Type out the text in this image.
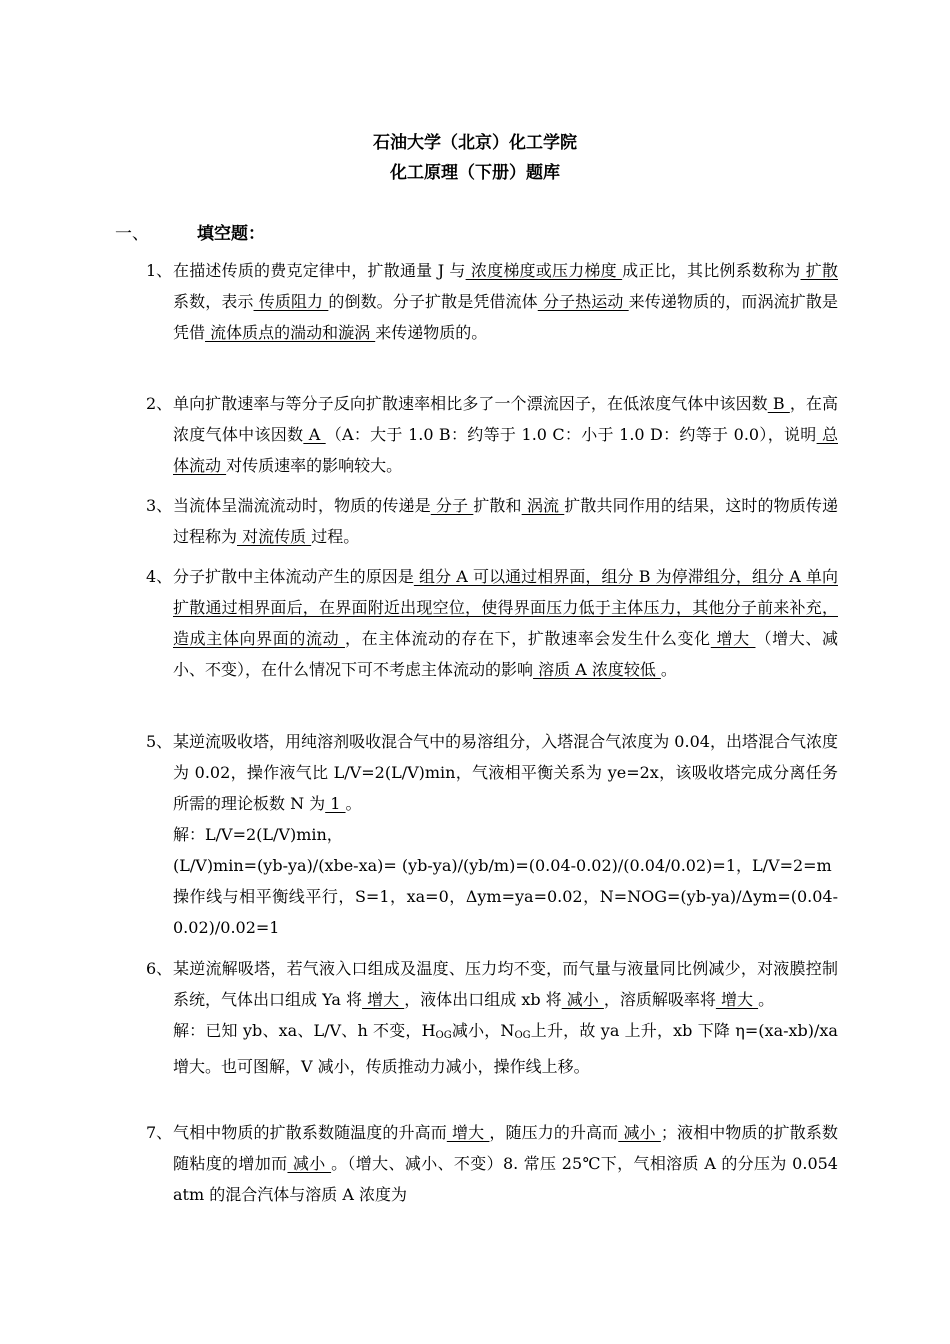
石油大学（北京）化工学院
化工原理（下册）题库
一、	填空题：
1、 在描述传质的费克定律中，扩散通量 J 与 浓度梯度或压力梯度 成正比，其比例系数称为 扩散 系数，表示 传质阻力 的倒数。分子扩散是凭借流体 分子热运动 来传递物质的，而涡流扩散是凭借 流体质点的湍动和漩涡 来传递物质的。
2、 单向扩散速率与等分子反向扩散速率相比多了一个漂流因子，在低浓度气体中该因数 B ，在高浓度气体中该因数 A （A：大于 1.0 B：约等于 1.0 C：小于 1.0 D：约等于 0.0），说明 总体流动 对传质速率的影响较大。
3、 当流体呈湍流流动时，物质的传递是 分子 扩散和 涡流 扩散共同作用的结果，这时的物质传递过程称为 对流传质 过程。
4、 分子扩散中主体流动产生的原因是 组分 A 可以通过相界面，组分 B 为停滞组分，组分 A 单向扩散通过相界面后，在界面附近出现空位，使得界面压力低于主体压力，其他分子前来补充，造成主体向界面的流动 ，在主体流动的存在下，扩散速率会发生什么变化 增大 （增大、减小、不变），在什么情况下可不考虑主体流动的影响 溶质 A 浓度较低 。
5、 某逆流吸收塔，用纯溶剂吸收混合气中的易溶组分，入塔混合气浓度为 0.04，出塔混合气浓度为 0.02，操作液气比 L/V=2(L/V)min，气液相平衡关系为 ye=2x，该吸收塔完成分离任务所需的理论板数 N 为 1 。

解：L/V=2(L/V)min，

(L/V)min=(yb-ya)/(xbe-xa)= (yb-ya)/(yb/m)=(0.04-0.02)/(0.04/0.02)=1，L/V=2=m

操作线与相平衡线平行，S=1，xa=0，Δym=ya=0.02，N=NOG=(yb-ya)/Δym=(0.04-0.02)/0.02=1

6、 某逆流解吸塔，若气液入口组成及温度、压力均不变，而气量与液量同比例减少，对液膜控制系统，气体出口组成 Ya 将 增大 ，液体出口组成 xb 将 减小 ，溶质解吸率将 增大 。

解：已知 yb、xa、L/V、h 不变，$H_{OG}$减小，$N_{OG}$上升，故 ya 上升，xb 下降 η=(xa-xb)/xa 增大。也可图解，V 减小，传质推动力减小，操作线上移。

7、 气相中物质的扩散系数随温度的升高而 增大 ，随压力的升高而 减小 ；液相中物质的扩散系数随粘度的增加而 减小 。（增大、减小、不变）8. 常压 25℃下，气相溶质 A 的分压为 0.054 atm 的混合汽体与溶质 A 浓度为
